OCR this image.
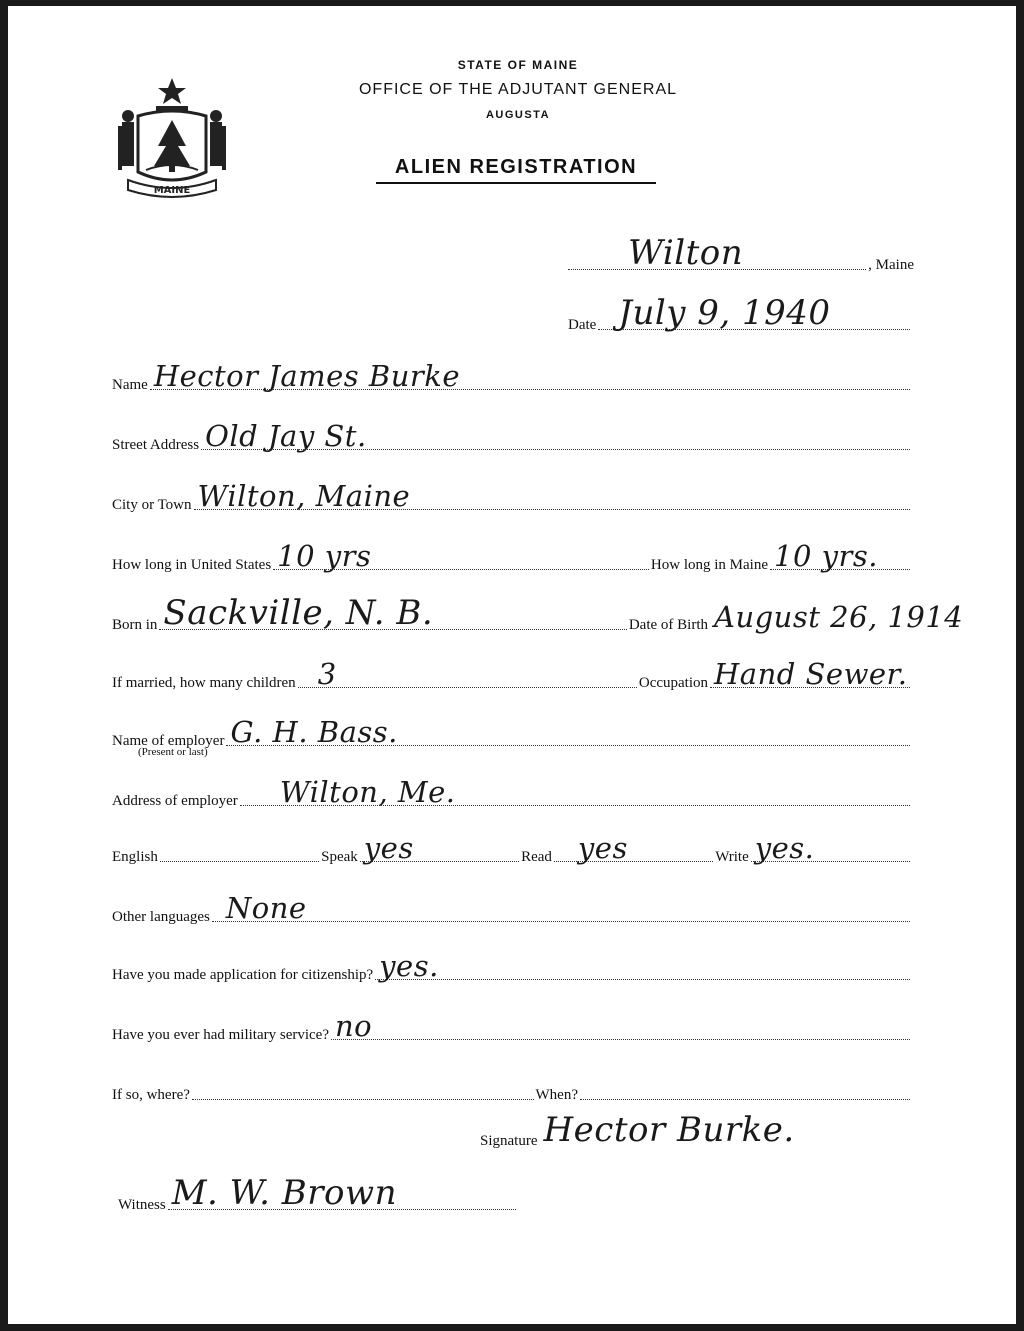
MAINE
STATE OF MAINE
OFFICE OF THE ADJUTANT GENERAL
AUGUSTA
ALIEN REGISTRATION
Wilton	, Maine
Date July 9, 1940
Name Hector James Burke
Street Address Old Jay St.
City or Town Wilton, Maine
How long in United States 10 yrs	How long in Maine 10 yrs.
Born in Sackville, N. B.	Date of Birth August 26, 1914
If married, how many children 3	Occupation Hand Sewer.
Name of employer G. H. Bass.
(Present or last)
Address of employer Wilton, Me.
English	Speak yes	Read yes	Write yes.
Other languages None
Have you made application for citizenship? yes.
Have you ever had military service? no
If so, where?	When?
Signature Hector Burke.
Witness M. W. Brown
